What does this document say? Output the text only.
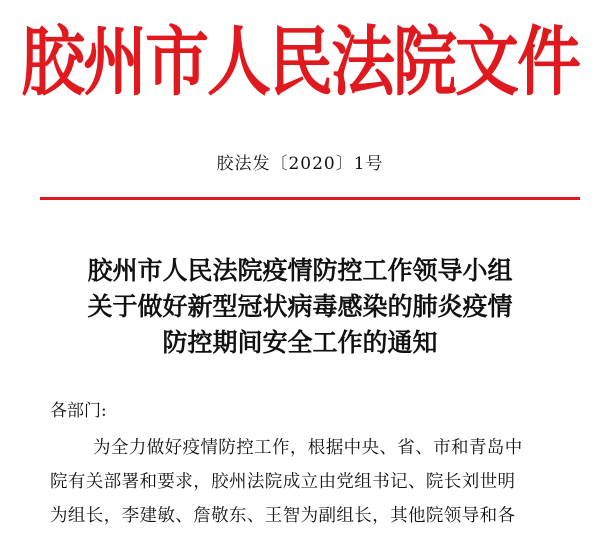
胶州市人民法院文件
胶法发〔2020〕1号
胶州市人民法院疫情防控工作领导小组
关于做好新型冠状病毒感染的肺炎疫情
防控期间安全工作的通知
各部门:
为全力做好疫情防控工作，根据中央、省、市和青岛中
院有关部署和要求，胶州法院成立由党组书记、院长刘世明
为组长，李建敏、詹敬东、王智为副组长，其他院领导和各
